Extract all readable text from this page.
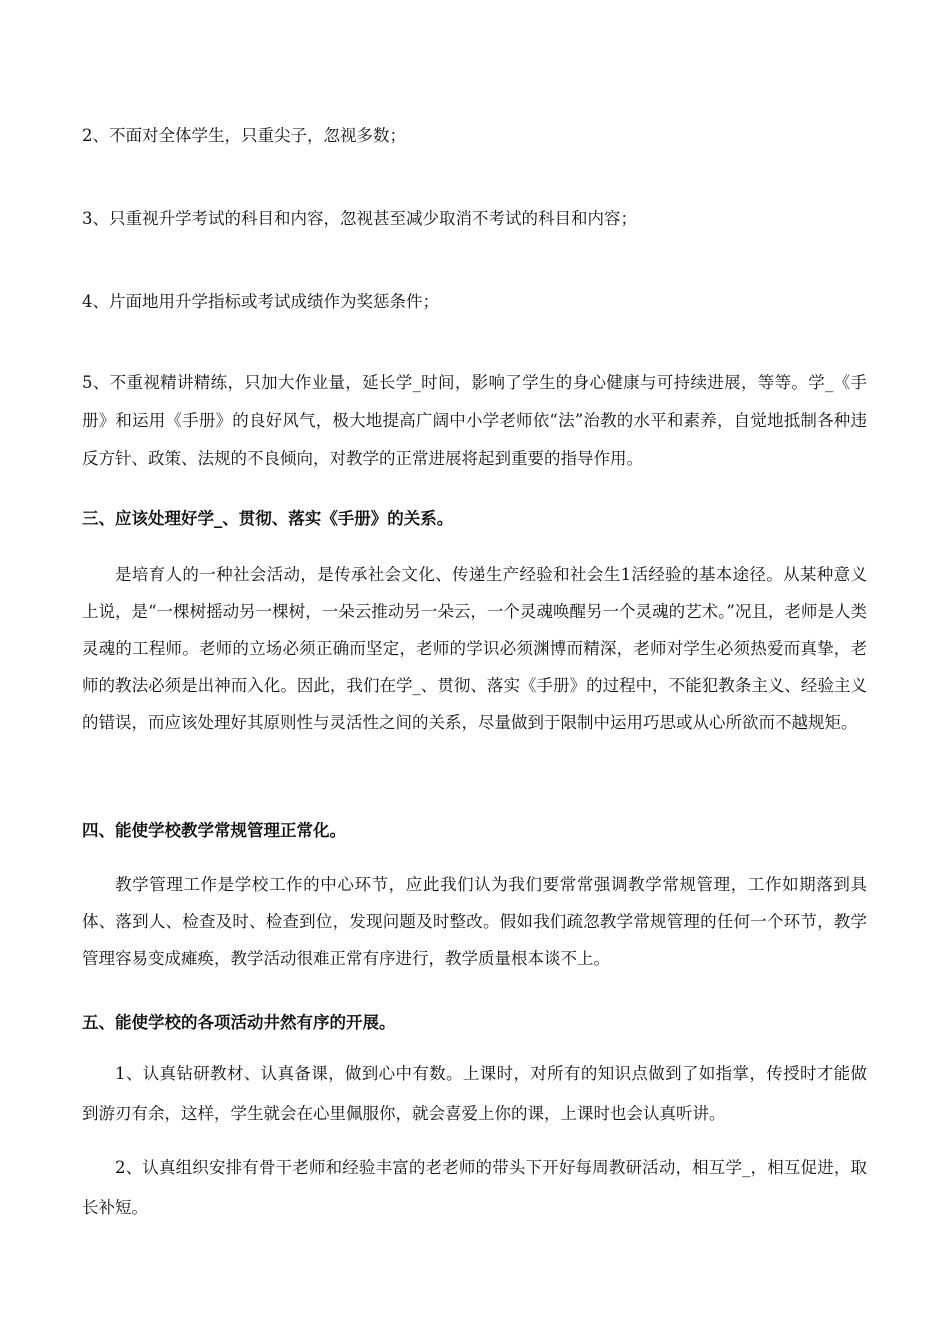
2、不面对全体学生，只重尖子，忽视多数；
3、只重视升学考试的科目和内容，忽视甚至减少取消不考试的科目和内容；
4、片面地用升学指标或考试成绩作为奖惩条件；
5、不重视精讲精练，只加大作业量，延长学_时间，影响了学生的身心健康与可持续进展，等等。学_《手册》和运用《手册》的良好风气，极大地提高广阔中小学老师依“法”治教的水平和素养，自觉地抵制各种违反方针、政策、法规的不良倾向，对教学的正常进展将起到重要的指导作用。
三、应该处理好学_、贯彻、落实《手册》的关系。
是培育人的一种社会活动，是传承社会文化、传递生产经验和社会生1活经验的基本途径。从某种意义上说，是“一棵树摇动另一棵树，一朵云推动另一朵云，一个灵魂唤醒另一个灵魂的艺术。”况且，老师是人类灵魂的工程师。老师的立场必须正确而坚定，老师的学识必须渊博而精深，老师对学生必须热爱而真挚，老师的教法必须是出神而入化。因此，我们在学_、贯彻、落实《手册》的过程中，不能犯教条主义、经验主义的错误，而应该处理好其原则性与灵活性之间的关系，尽量做到于限制中运用巧思或从心所欲而不越规矩。
四、能使学校教学常规管理正常化。
教学管理工作是学校工作的中心环节，应此我们认为我们要常常强调教学常规管理，工作如期落到具体、落到人、检查及时、检查到位，发现问题及时整改。假如我们疏忽教学常规管理的任何一个环节，教学管理容易变成瘫痪，教学活动很难正常有序进行，教学质量根本谈不上。
五、能使学校的各项活动井然有序的开展。
1、认真钻研教材、认真备课，做到心中有数。上课时，对所有的知识点做到了如指掌，传授时才能做到游刃有余，这样，学生就会在心里佩服你，就会喜爱上你的课，上课时也会认真听讲。
2、认真组织安排有骨干老师和经验丰富的老老师的带头下开好每周教研活动，相互学_，相互促进，取长补短。
